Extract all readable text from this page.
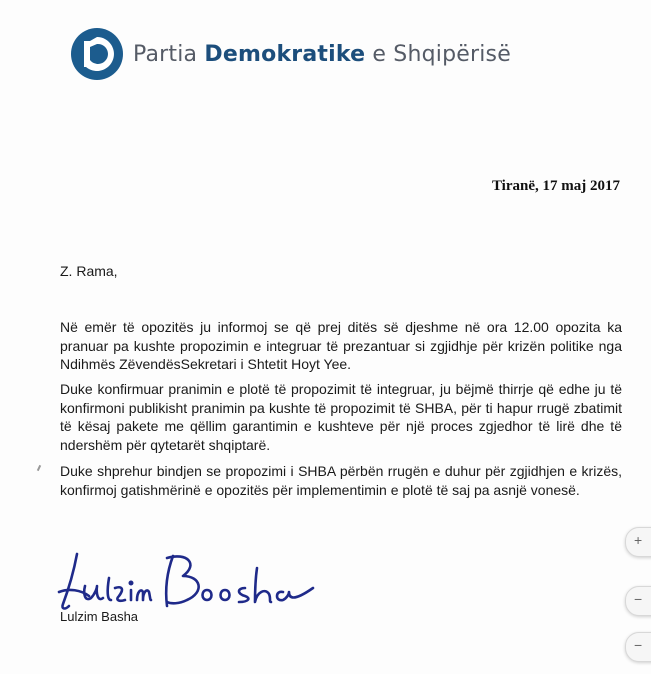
Partia Demokratike e Shqipërisë
Tiranë, 17 maj 2017
Z. Rama,

Në emër të opozitës ju informoj se që prej ditës së djeshme në ora 12.00 opozita ka pranuar pa kushte propozimin e integruar të prezantuar si zgjidhje për krizën politike nga Ndihmës ZëvendësSekretari i Shtetit Hoyt Yee.

Duke konfirmuar pranimin e plotë të propozimit të integruar, ju bëjmë thirrje që edhe ju të konfirmoni publikisht pranimin pa kushte të propozimit të SHBA, për ti hapur rrugë zbatimit të kësaj pakete me qëllim garantimin e kushteve për një proces zgjedhor të lirë dhe të ndershëm për qytetarët shqiptarë.

Duke shprehur bindjen se propozimi i SHBA përbën rrugën e duhur për zgjidhjen e krizës, konfirmoj gatishmërinë e opozitës për implementimin e plotë të saj pa asnjë vonesë.

Lulzim Basha
+
−
−
